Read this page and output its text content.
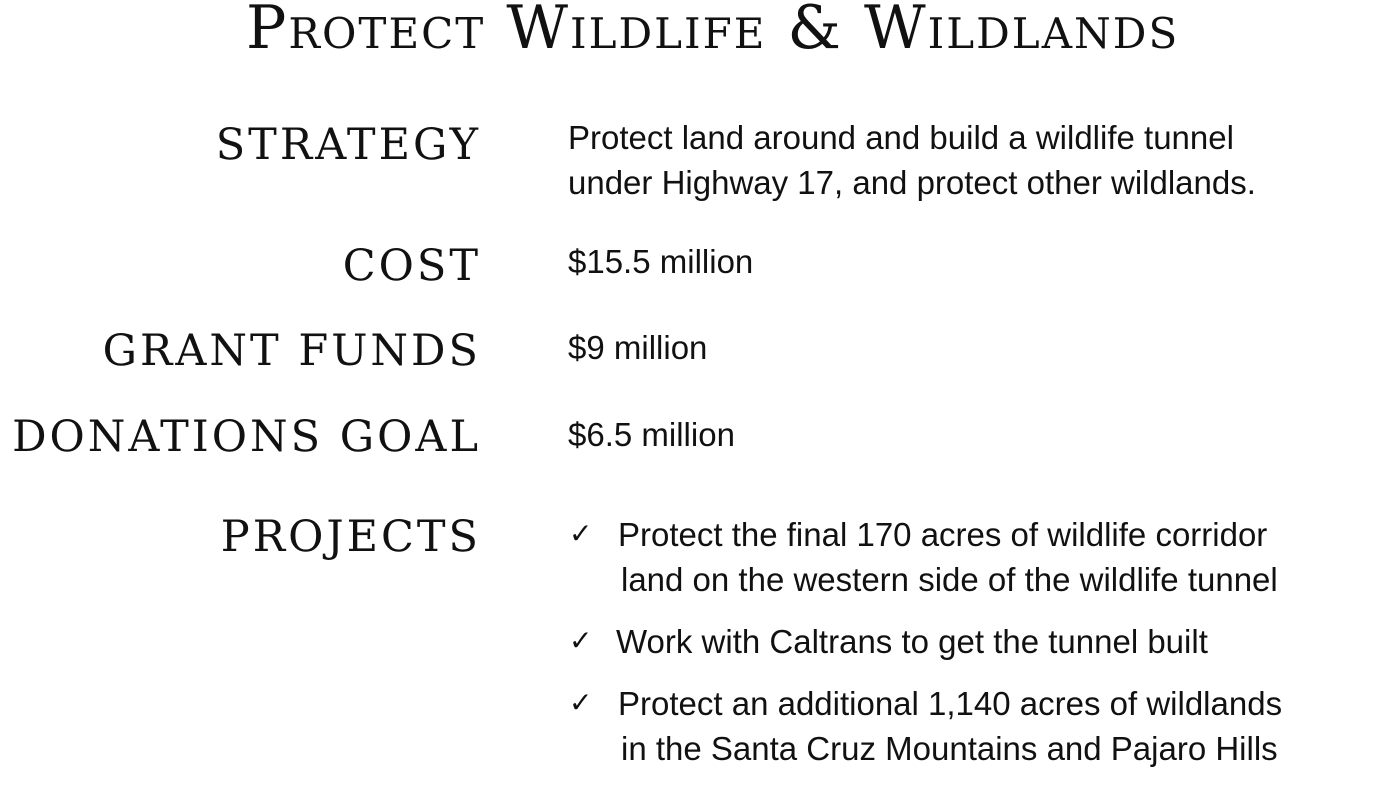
Protect Wildlife & Wildlands
STRATEGY	Protect land around and build a wildlife tunnel
under Highway 17, and protect other wildlands.
COST	$15.5 million
GRANT FUNDS	$9 million
DONATIONS GOAL	$6.5 million
PROJECTS	✓ Protect the final 170 acres of wildlife corridor
land on the western side of the wildlife tunnel
✓ Work with Caltrans to get the tunnel built
✓ Protect an additional 1,140 acres of wildlands
in the Santa Cruz Mountains and Pajaro Hills
